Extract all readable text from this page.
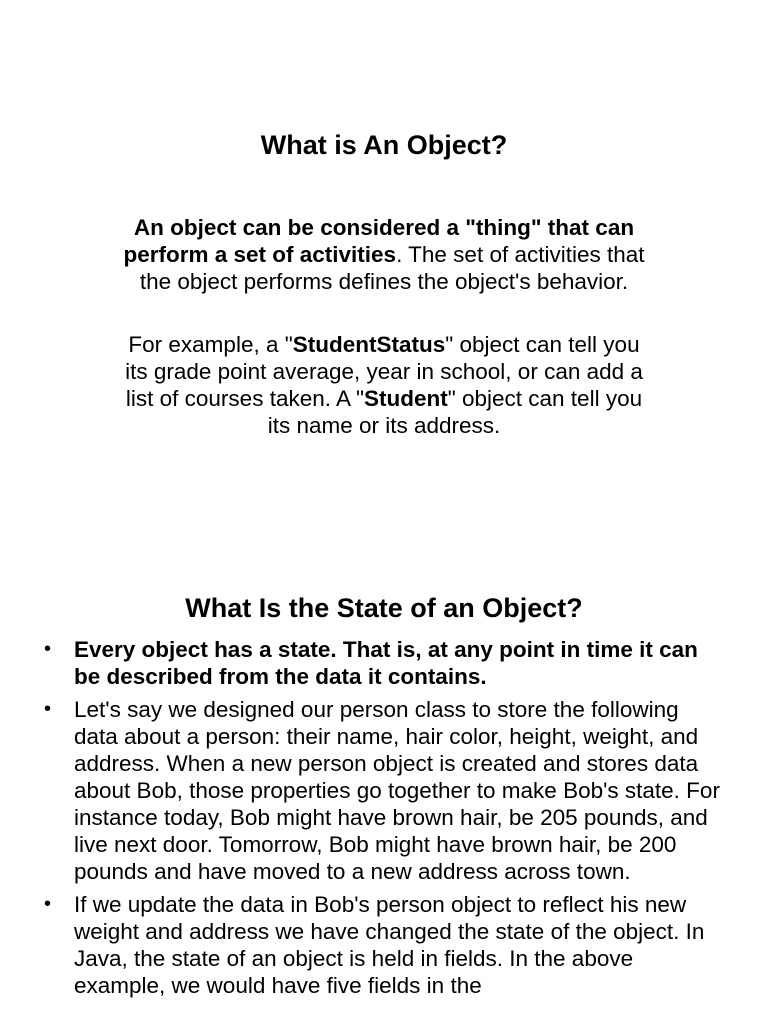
What is An Object?

An object can be considered a "thing" that can perform a set of activities. The set of activities that the object performs defines the object's behavior.

For example, a "StudentStatus" object can tell you its grade point average, year in school, or can add a list of courses taken. A "Student" object can tell you its name or its address.

What Is the State of an Object?
• Every object has a state. That is, at any point in time it can be described from the data it contains.
• Let's say we designed our person class to store the following data about a person: their name, hair color, height, weight, and address. When a new person object is created and stores data about Bob, those properties go together to make Bob's state. For instance today, Bob might have brown hair, be 205 pounds, and live next door. Tomorrow, Bob might have brown hair, be 200 pounds and have moved to a new address across town.
• If we update the data in Bob's person object to reflect his new weight and address we have changed the state of the object. In Java, the state of an object is held in fields. In the above example, we would have five fields in the
